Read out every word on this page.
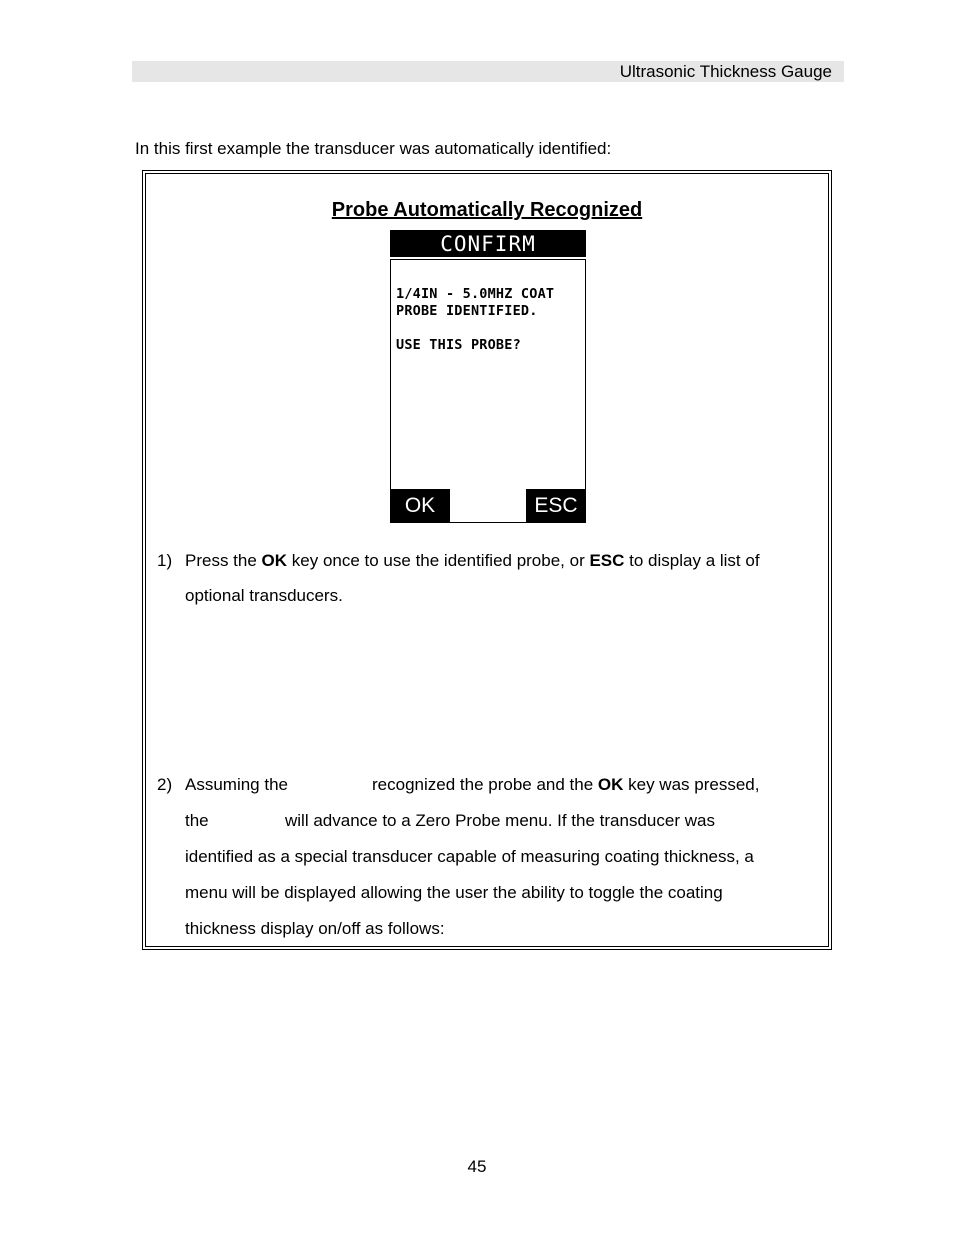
Ultrasonic Thickness Gauge
In this first example the transducer was automatically identified:
Probe Automatically Recognized
CONFIRM
1/4IN - 5.0MHZ COAT
PROBE IDENTIFIED.
USE THIS PROBE?
OK	ESC
1) Press the OK key once to use the identified probe, or ESC to display a list of
optional transducers.
2) Assuming the	recognized the probe and the OK key was pressed,
the	will advance to a Zero Probe menu. If the transducer was
identified as a special transducer capable of measuring coating thickness, a
menu will be displayed allowing the user the ability to toggle the coating
thickness display on/off as follows:
45
